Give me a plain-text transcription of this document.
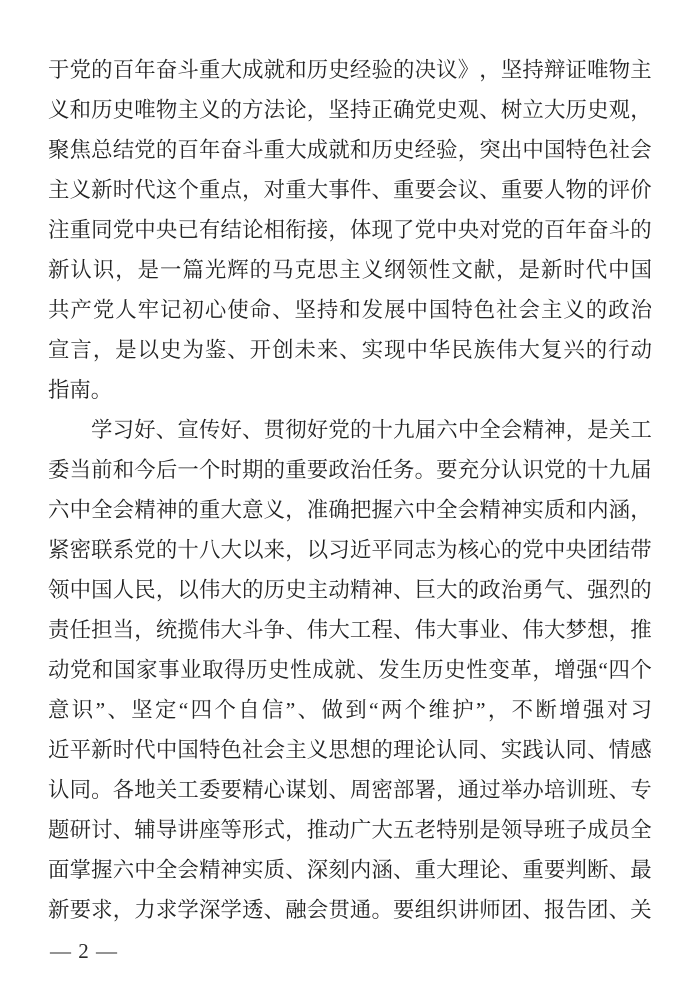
于 党 的 百 年 奋 斗 重 大 成 就 和 历 史 经 验 的 决 议 》 ， 坚 持 辩 证 唯 物 主
义 和 历 史 唯 物 主 义 的 方 法 论 ， 坚 持 正 确 党 史 观 、 树 立 大 历 史 观 ，
聚 焦 总 结 党 的 百 年 奋 斗 重 大 成 就 和 历 史 经 验 ， 突 出 中 国 特 色 社 会
主 义 新 时 代 这 个 重 点 ， 对 重 大 事 件 、 重 要 会 议 、 重 要 人 物 的 评 价
注 重 同 党 中 央 已 有 结 论 相 衔 接 ， 体 现 了 党 中 央 对 党 的 百 年 奋 斗 的
新 认 识 ， 是 一 篇 光 辉 的 马 克 思 主 义 纲 领 性 文 献 ， 是 新 时 代 中 国
共 产 党 人 牢 记 初 心 使 命 、 坚 持 和 发 展 中 国 特 色 社 会 主 义 的 政 治
宣 言 ， 是 以 史 为 鉴 、 开 创 未 来 、 实 现 中 华 民 族 伟 大 复 兴 的 行 动
指南。
学 习 好 、 宣 传 好 、 贯 彻 好 党 的 十 九 届 六 中 全 会 精 神 ， 是 关 工
委 当 前 和 今 后 一 个 时 期 的 重 要 政 治 任 务 。 要 充 分 认 识 党 的 十 九 届
六 中 全 会 精 神 的 重 大 意 义 ， 准 确 把 握 六 中 全 会 精 神 实 质 和 内 涵 ，
紧 密 联 系 党 的 十 八 大 以 来 ， 以 习 近 平 同 志 为 核 心 的 党 中 央 团 结 带
领 中 国 人 民 ， 以 伟 大 的 历 史 主 动 精 神 、 巨 大 的 政 治 勇 气 、 强 烈 的
责 任 担 当 ， 统 揽 伟 大 斗 争 、 伟 大 工 程 、 伟 大 事 业 、 伟 大 梦 想 ， 推
动 党 和 国 家 事 业 取 得 历 史 性 成 就 、 发 生 历 史 性 变 革 ， 增 强 “ 四 个
意 识 ” 、 坚 定 “ 四 个 自 信 ” 、 做 到 “ 两 个 维 护 ” ， 不 断 增 强 对 习
近 平 新 时 代 中 国 特 色 社 会 主 义 思 想 的 理 论 认 同 、 实 践 认 同 、 情 感
认 同 。 各 地 关 工 委 要 精 心 谋 划 、 周 密 部 署 ， 通 过 举 办 培 训 班 、 专
题 研 讨 、 辅 导 讲 座 等 形 式 ， 推 动 广 大 五 老 特 别 是 领 导 班 子 成 员 全
面 掌 握 六 中 全 会 精 神 实 质 、 深 刻 内 涵 、 重 大 理 论 、 重 要 判 断 、 最
新 要 求 ， 力 求 学 深 学 透 、 融 会 贯 通 。 要 组 织 讲 师 团 、 报 告 团 、 关
— 2 —
